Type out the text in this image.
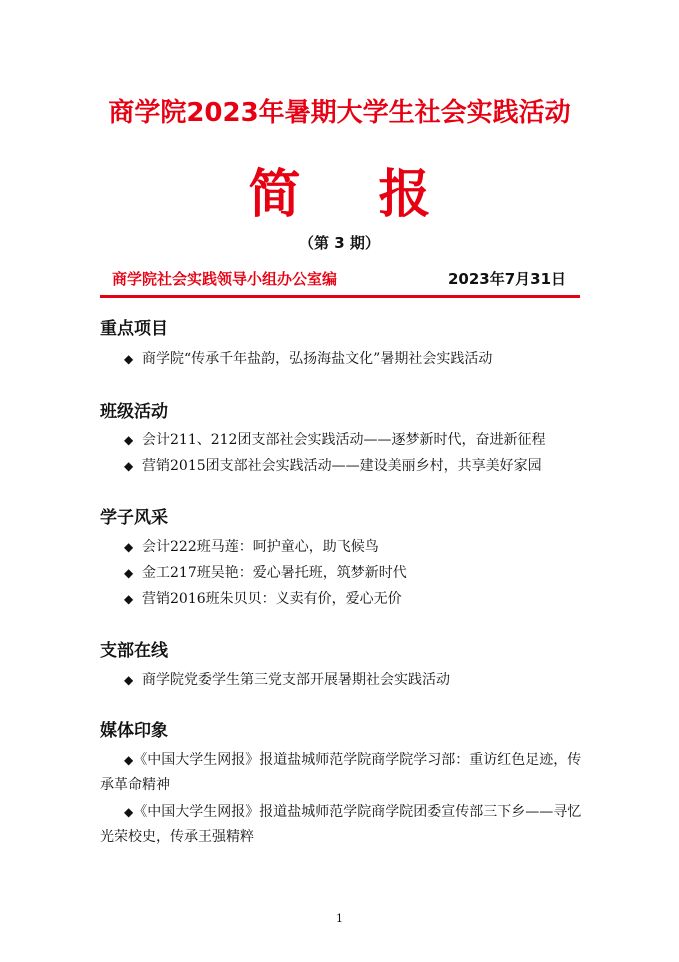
商学院2023年暑期大学生社会实践活动
简 报
（第 3 期）
商学院社会实践领导小组办公室编	2023年7月31日
重点项目
◆ 商学院“传承千年盐韵，弘扬海盐文化”暑期社会实践活动
班级活动
◆ 会计211、212团支部社会实践活动——逐梦新时代，奋进新征程
◆ 营销2015团支部社会实践活动——建设美丽乡村，共享美好家园
学子风采
◆ 会计222班马莲：呵护童心，助飞候鸟
◆ 金工217班吴艳：爱心暑托班，筑梦新时代
◆ 营销2016班朱贝贝：义卖有价，爱心无价
支部在线
◆ 商学院党委学生第三党支部开展暑期社会实践活动
媒体印象
◆《中国大学生网报》报道盐城师范学院商学院学习部：重访红色足迹，传承革命精神
◆《中国大学生网报》报道盐城师范学院商学院团委宣传部三下乡——寻忆光荣校史，传承王强精粹
1
